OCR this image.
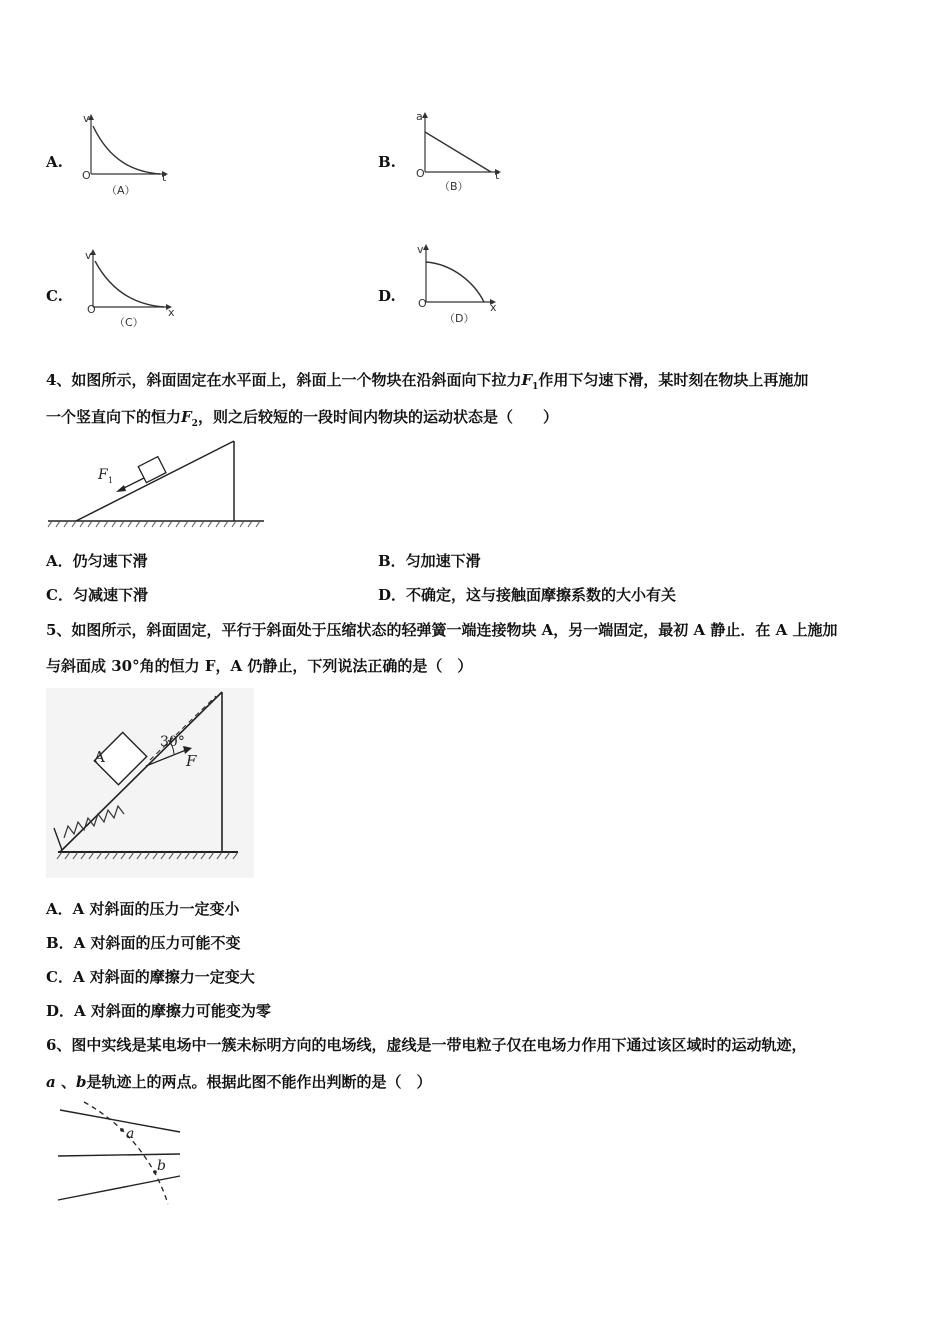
A.
v
O	t
（A）
B.
a
O	t
（B）
C.
v
O	x
（C）
D.
v
O	x
（D）
4、如图所示，斜面固定在水平面上，斜面上一个物块在沿斜面向下拉力$F_1$作用下匀速下滑，某时刻在物块上再施加
一个竖直向下的恒力$F_2$，则之后较短的一段时间内物块的运动状态是（　　）
F 1
A．仍匀速下滑	B．匀加速下滑
C．匀减速下滑	D．不确定，这与接触面摩擦系数的大小有关
5、如图所示，斜面固定，平行于斜面处于压缩状态的轻弹簧一端连接物块 A，另一端固定，最初 A 静止．在 A 上施加
与斜面成 30°角的恒力 F，A 仍静止，下列说法正确的是（　）
A
30°
F
A．A 对斜面的压力一定变小
B．A 对斜面的压力可能不变
C．A 对斜面的摩擦力一定变大
D．A 对斜面的摩擦力可能变为零
6、图中实线是某电场中一簇未标明方向的电场线，虚线是一带电粒子仅在电场力作用下通过该区域时的运动轨迹，
a 、b是轨迹上的两点。根据此图不能作出判断的是（　）
a
b
